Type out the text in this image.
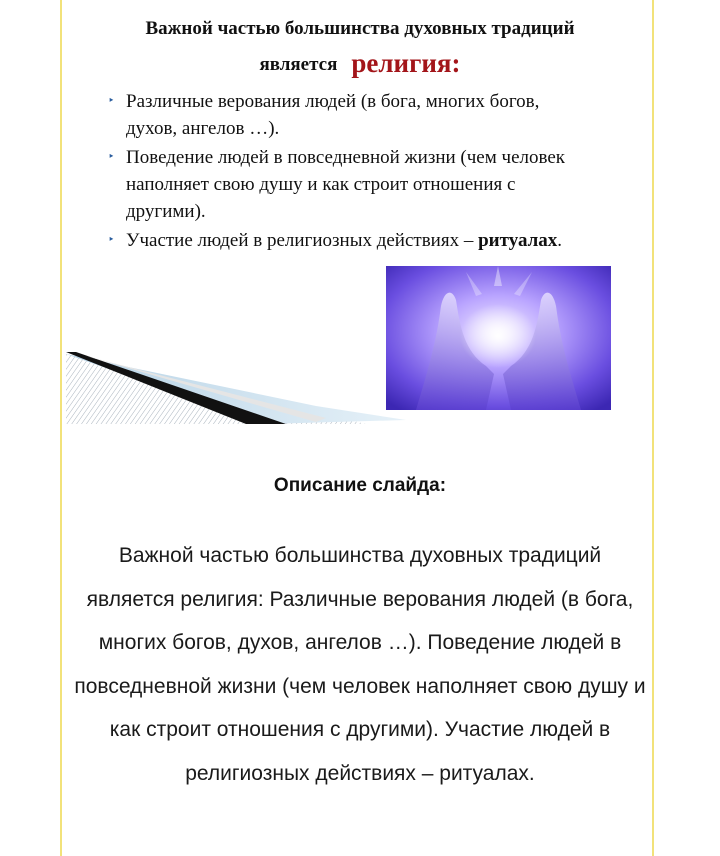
Важной частью большинства духовных традиций
является религия:
‣ Различные верования людей (в бога, многих богов, духов, ангелов …).
‣ Поведение людей в повседневной жизни (чем человек наполняет свою душу и как строит отношения с другими).
‣ Участие людей в религиозных действиях – ритуалах.
Описание слайда:
Важной частью большинства духовных традиций является религия: Различные верования людей (в бога, многих богов, духов, ангелов …). Поведение людей в повседневной жизни (чем человек наполняет свою душу и как строит отношения с другими). Участие людей в религиозных действиях – ритуалах.
